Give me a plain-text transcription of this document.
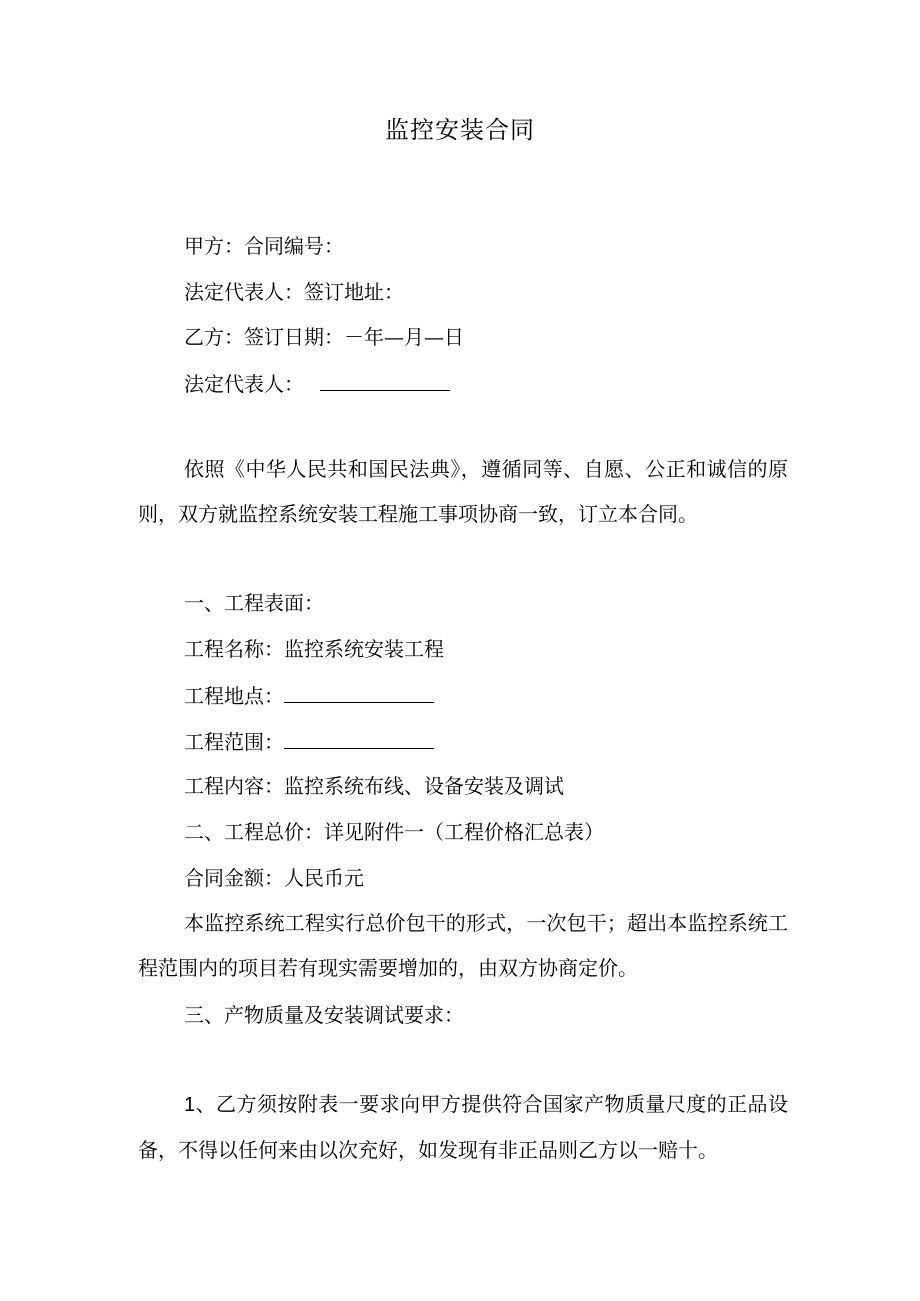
监控安装合同
甲方：合同编号：
法定代表人：签订地址：
乙方：签订日期：－年—月—日
法定代表人：
依照《中华人民共和国民法典》，遵循同等、自愿、公正和诚信的原则，双方就监控系统安装工程施工事项协商一致，订立本合同。
一、工程表面：
工程名称：监控系统安装工程
工程地点：
工程范围：
工程内容：监控系统布线、设备安装及调试
二、工程总价：详见附件一（工程价格汇总表）
合同金额：人民币元
本监控系统工程实行总价包干的形式，一次包干；超出本监控系统工程范围内的项目若有现实需要增加的，由双方协商定价。
三、产物质量及安装调试要求：
1、乙方须按附表一要求向甲方提供符合国家产物质量尺度的正品设备，不得以任何来由以次充好，如发现有非正品则乙方以一赔十。
